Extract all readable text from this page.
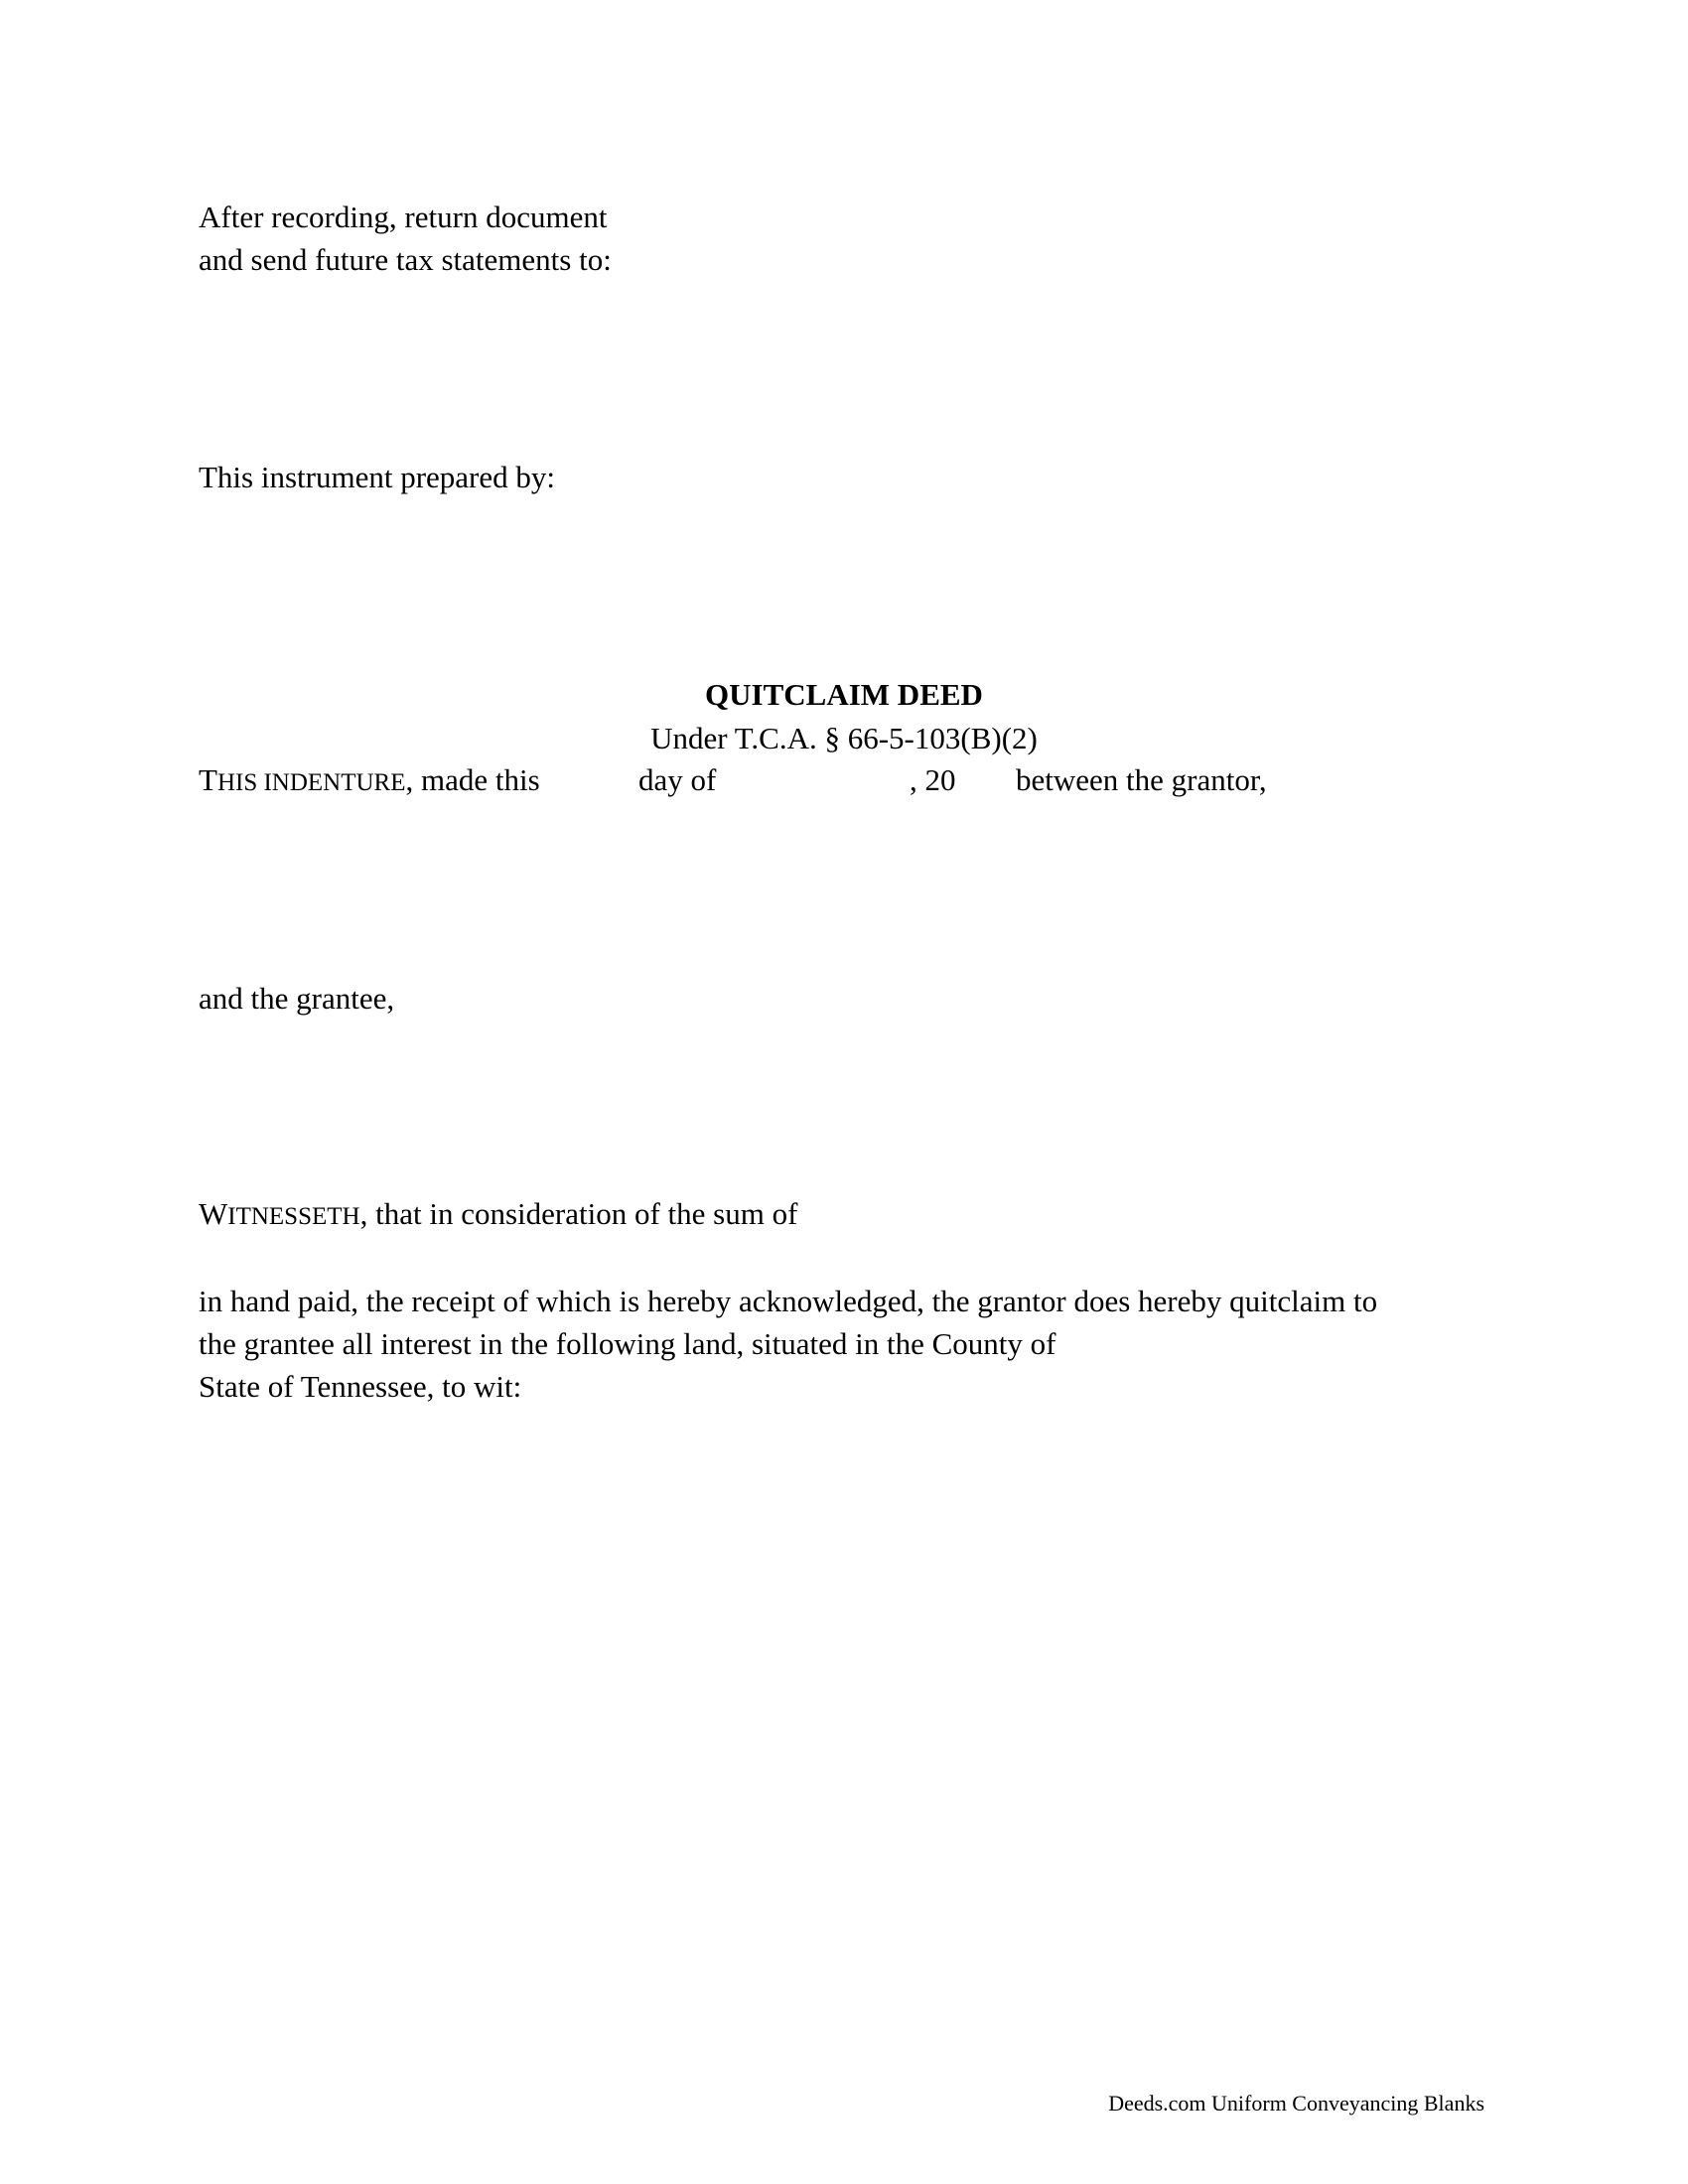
After recording, return document
and send future tax statements to:
This instrument prepared by:
QUITCLAIM DEED
Under T.C.A. § 66-5-103(B)(2)
THIS INDENTURE, made this	day of	, 20 between the grantor,
and the grantee,
WITNESSETH, that in consideration of the sum of
in hand paid, the receipt of which is hereby acknowledged, the grantor does hereby quitclaim to
the grantee all interest in the following land, situated in the County of
State of Tennessee, to wit:
Deeds.com Uniform Conveyancing Blanks
